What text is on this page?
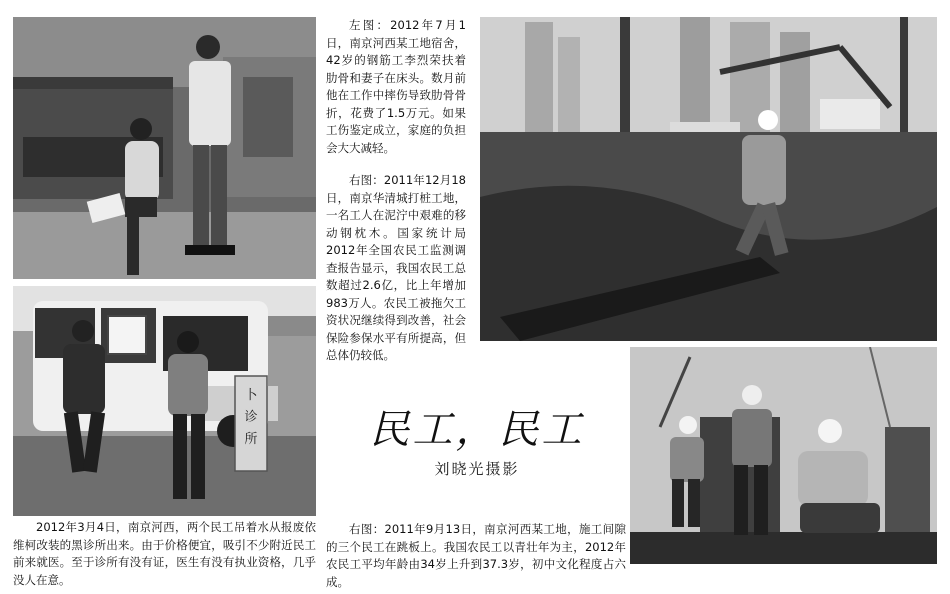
卜
诊
所

左图：2012年7月1日，南京河西某工地宿舍，42岁的钢筋工李烈荣扶着肋骨和妻子在床头。数月前他在工作中摔伤导致肋骨骨折，花费了1.5万元。如果工伤鉴定成立，家庭的负担会大大减轻。

右图：2011年12月18日，南京华清城打桩工地，一名工人在泥泞中艰难的移动钢枕木。国家统计局2012年全国农民工监测调查报告显示，我国农民工总数超过2.6亿，比上年增加983万人。农民工被拖欠工资状况继续得到改善，社会保险参保水平有所提高，但总体仍较低。

2012年3月4日，南京河西，两个民工吊着水从报废依维柯改装的黑诊所出来。由于价格便宜，吸引不少附近民工前来就医。至于诊所有没有证，医生有没有执业资格，几乎没人在意。

右图：2011年9月13日，南京河西某工地，施工间隙的三个民工在跳板上。我国农民工以青壮年为主，2012年农民工平均年龄由34岁上升到37.3岁，初中文化程度占六成。

民工，民工
刘晓光摄影
